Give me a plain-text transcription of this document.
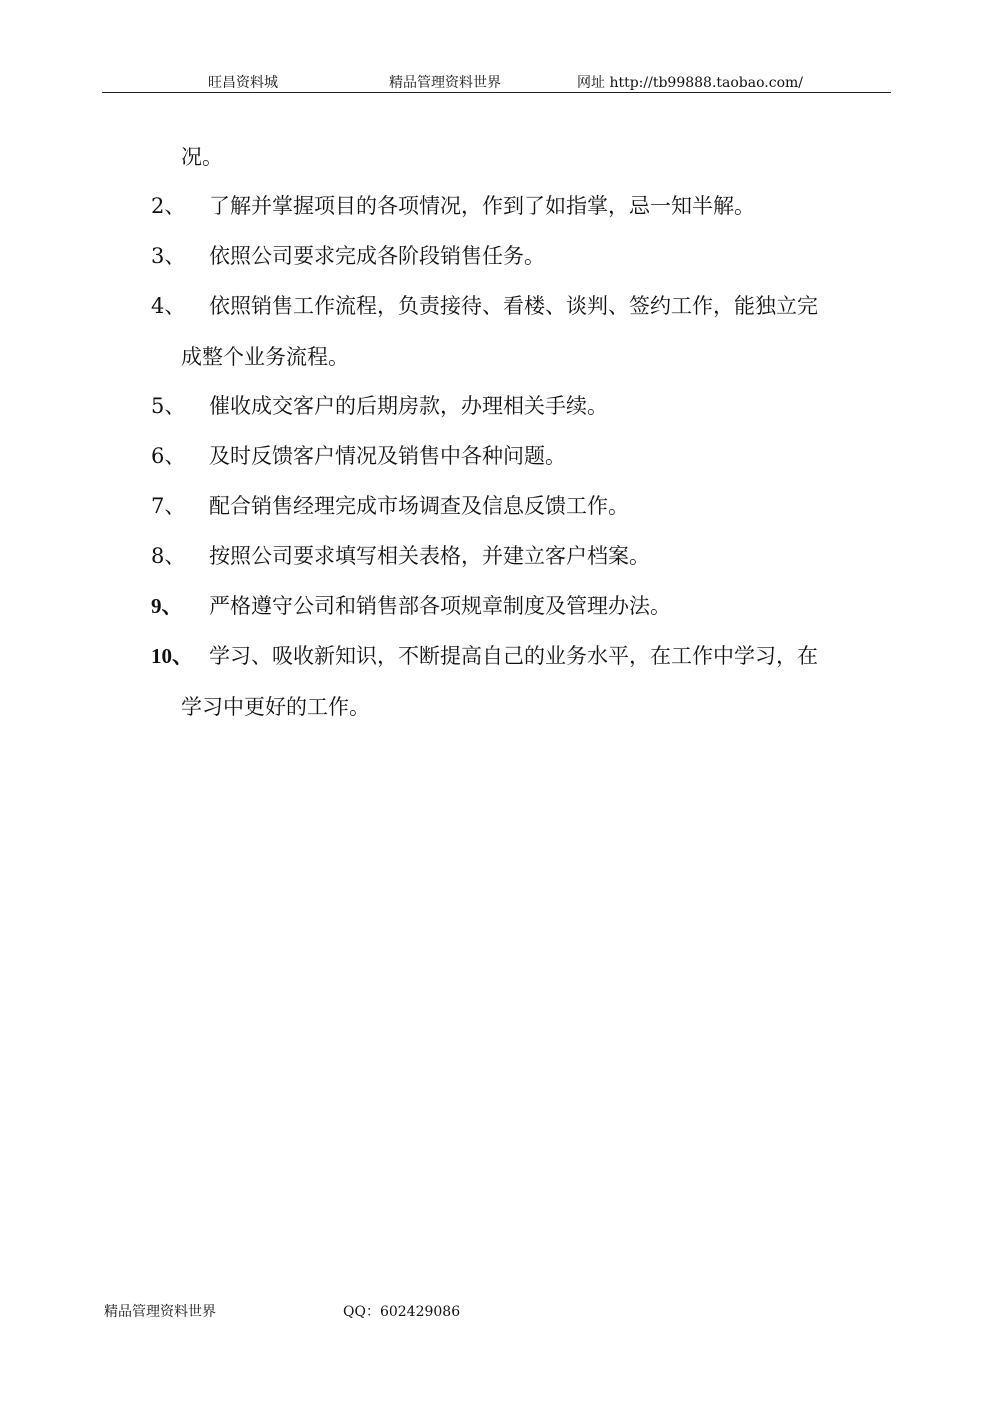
旺昌资料城	精品管理资料世界	网址 http://tb99888.taobao.com/
况。
2、 了解并掌握项目的各项情况，作到了如指掌，忌一知半解。
3、 依照公司要求完成各阶段销售任务。
4、 依照销售工作流程，负责接待、看楼、谈判、签约工作，能独立完
成整个业务流程。
5、 催收成交客户的后期房款，办理相关手续。
6、 及时反馈客户情况及销售中各种问题。
7、 配合销售经理完成市场调查及信息反馈工作。
8、 按照公司要求填写相关表格，并建立客户档案。
9、 严格遵守公司和销售部各项规章制度及管理办法。
10、 学习、吸收新知识，不断提高自己的业务水平，在工作中学习，在
学习中更好的工作。
精品管理资料世界	QQ：602429086
